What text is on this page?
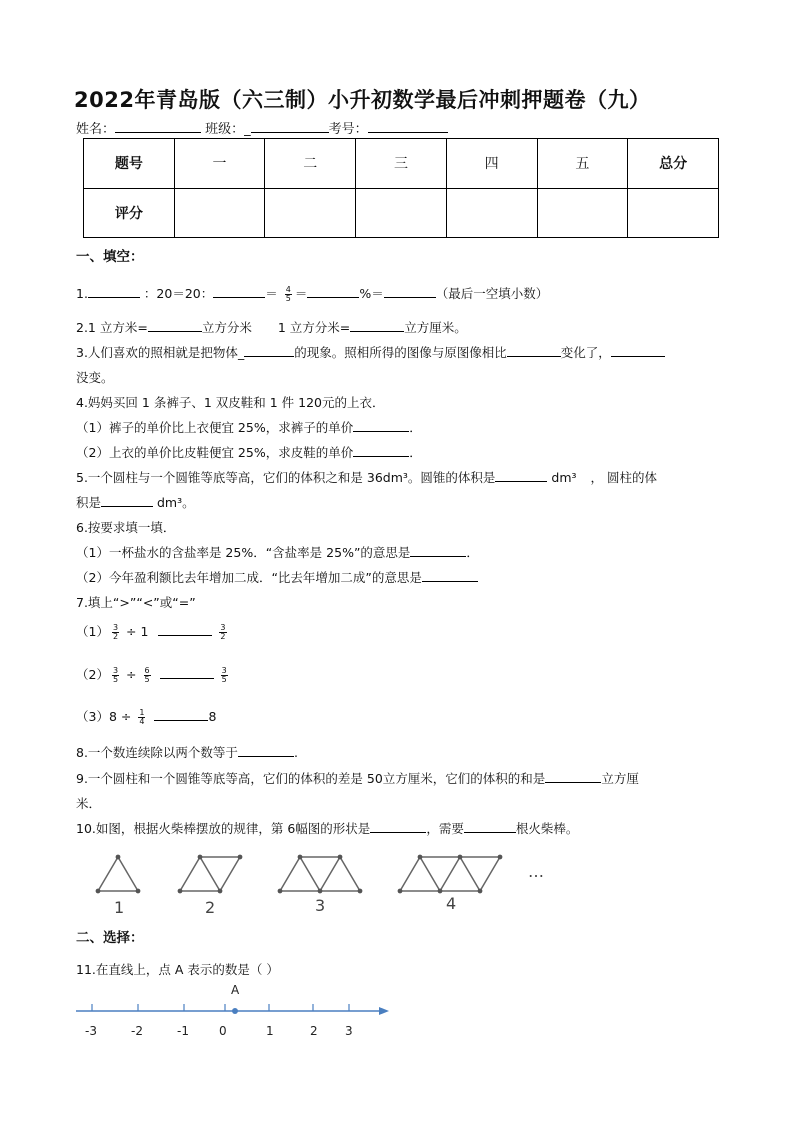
2022年青岛版（六三制）小升初数学最后冲刺押题卷（九）
姓名：	班级：_	考号：
题号	一	二	三	四	五	总分
评分						
一、填空：
1.	：20＝20：	＝ $\frac{4}{5}$ ＝	%＝	（最后一空填小数）
2.1 立方米=	立方分米 1 立方分米=	立方厘米。
3.人们喜欢的照相就是把物体_	的现象。照相所得的图像与原图像相比	变化了，
没变。
4.妈妈买回 1 条裤子、1 双皮鞋和 1 件 120元的上衣．
（1）裤子的单价比上衣便宜 25%，求裤子的单价	．
（2）上衣的单价比皮鞋便宜 25%，求皮鞋的单价	．
5.一个圆柱与一个圆锥等底等高，它们的体积之和是 36dm³。圆锥的体积是	dm³ ， 圆柱的体
积是	dm³。
6.按要求填一填．
（1）一杯盐水的含盐率是 25%．“含盐率是 25%”的意思是	．
（2）今年盈利额比去年增加二成．“比去年增加二成”的意思是
7.填上“>”“<”或“=”
$(1) \frac{3}{2} \div 1$	$\frac{3}{2}$
$(2) \frac{3}{5} \div \frac{6}{5}$
	$\frac{3}{5}$
$(3)8 \div \frac{1}{4}$	8
8.一个数连续除以两个数等于	.
9.一个圆柱和一个圆锥等底等高，它们的体积的差是 50立方厘米，它们的体积的和是	立方厘
米．
10.如图，根据火柴棒摆放的规律，第 6幅图的形状是	，需要	根火柴棒。
1	2	3	4
…
二、选择：
11.在直线上，点 A 表示的数是（ ）
A
-3	-2	-1	0	1	2 3
